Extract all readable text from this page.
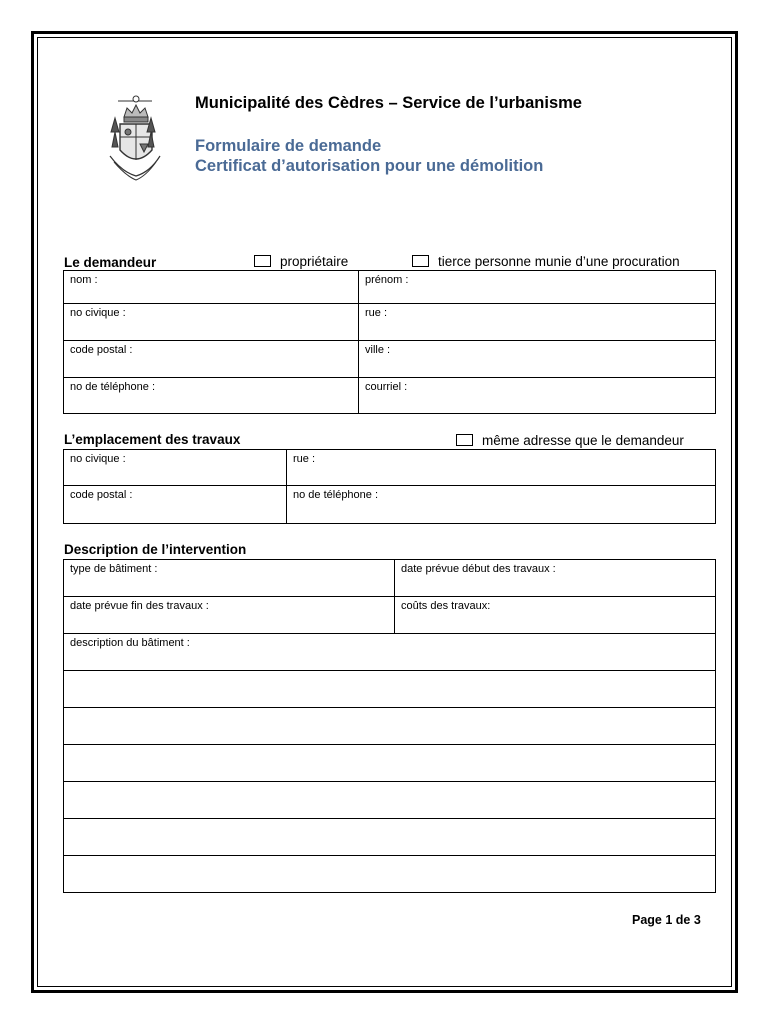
Municipalité des Cèdres – Service de l’urbanisme
Formulaire de demande
Certificat d’autorisation pour une démolition
Le demandeur	propriétaire	tierce personne munie d’une procuration
nom :	prénom :
no civique :	rue :
code postal :	ville :
no de téléphone :	courriel :
L’emplacement des travaux	même adresse que le demandeur
no civique :	rue :
code postal :	no de téléphone :
Description de l’intervention
type de bâtiment :	date prévue début des travaux :
date prévue fin des travaux :	coûts des travaux:
description du bâtiment :	

Page 1 de 3
